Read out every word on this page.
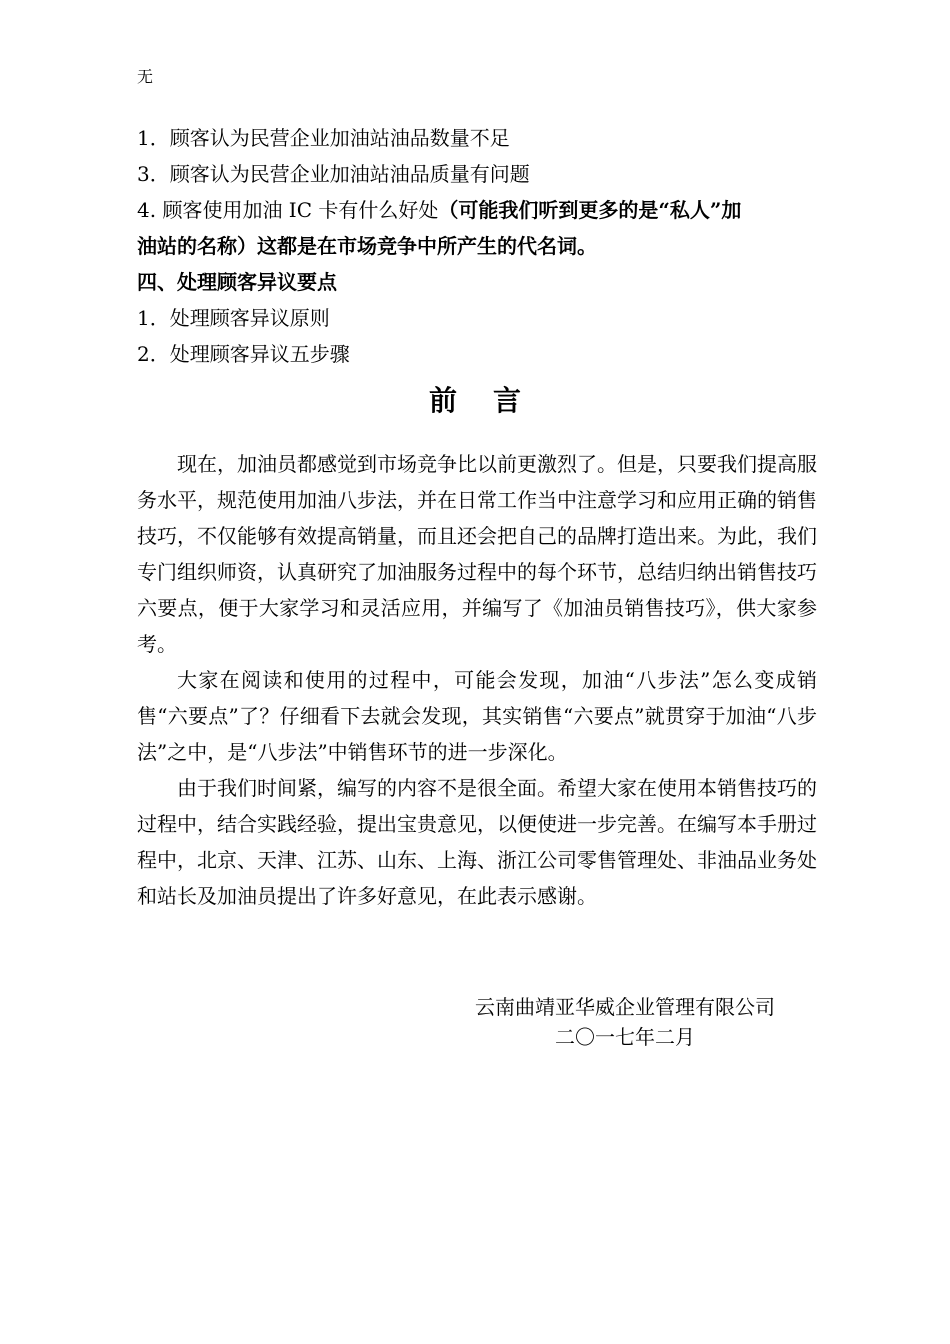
无
1．顾客认为民营企业加油站油品数量不足
3．顾客认为民营企业加油站油品质量有问题
4. 顾客使用加油 IC 卡有什么好处（可能我们听到更多的是“私人”加
油站的名称）这都是在市场竞争中所产生的代名词。
四、处理顾客异议要点
1．处理顾客异议原则
2．处理顾客异议五步骤
前言

现在，加油员都感觉到市场竞争比以前更激烈了。但是，只要我们提高服务水平，规范使用加油八步法，并在日常工作当中注意学习和应用正确的销售技巧，不仅能够有效提高销量，而且还会把自己的品牌打造出来。为此，我们专门组织师资，认真研究了加油服务过程中的每个环节，总结归纳出销售技巧六要点，便于大家学习和灵活应用，并编写了《加油员销售技巧》，供大家参考。

大家在阅读和使用的过程中，可能会发现，加油“八步法”怎么变成销售“六要点”了？仔细看下去就会发现，其实销售“六要点”就贯穿于加油“八步法”之中，是“八步法”中销售环节的进一步深化。

由于我们时间紧，编写的内容不是很全面。希望大家在使用本销售技巧的过程中，结合实践经验，提出宝贵意见，以便使进一步完善。在编写本手册过程中，北京、天津、江苏、山东、上海、浙江公司零售管理处、非油品业务处和站长及加油员提出了许多好意见，在此表示感谢。

云南曲靖亚华威企业管理有限公司
二〇一七年二月
